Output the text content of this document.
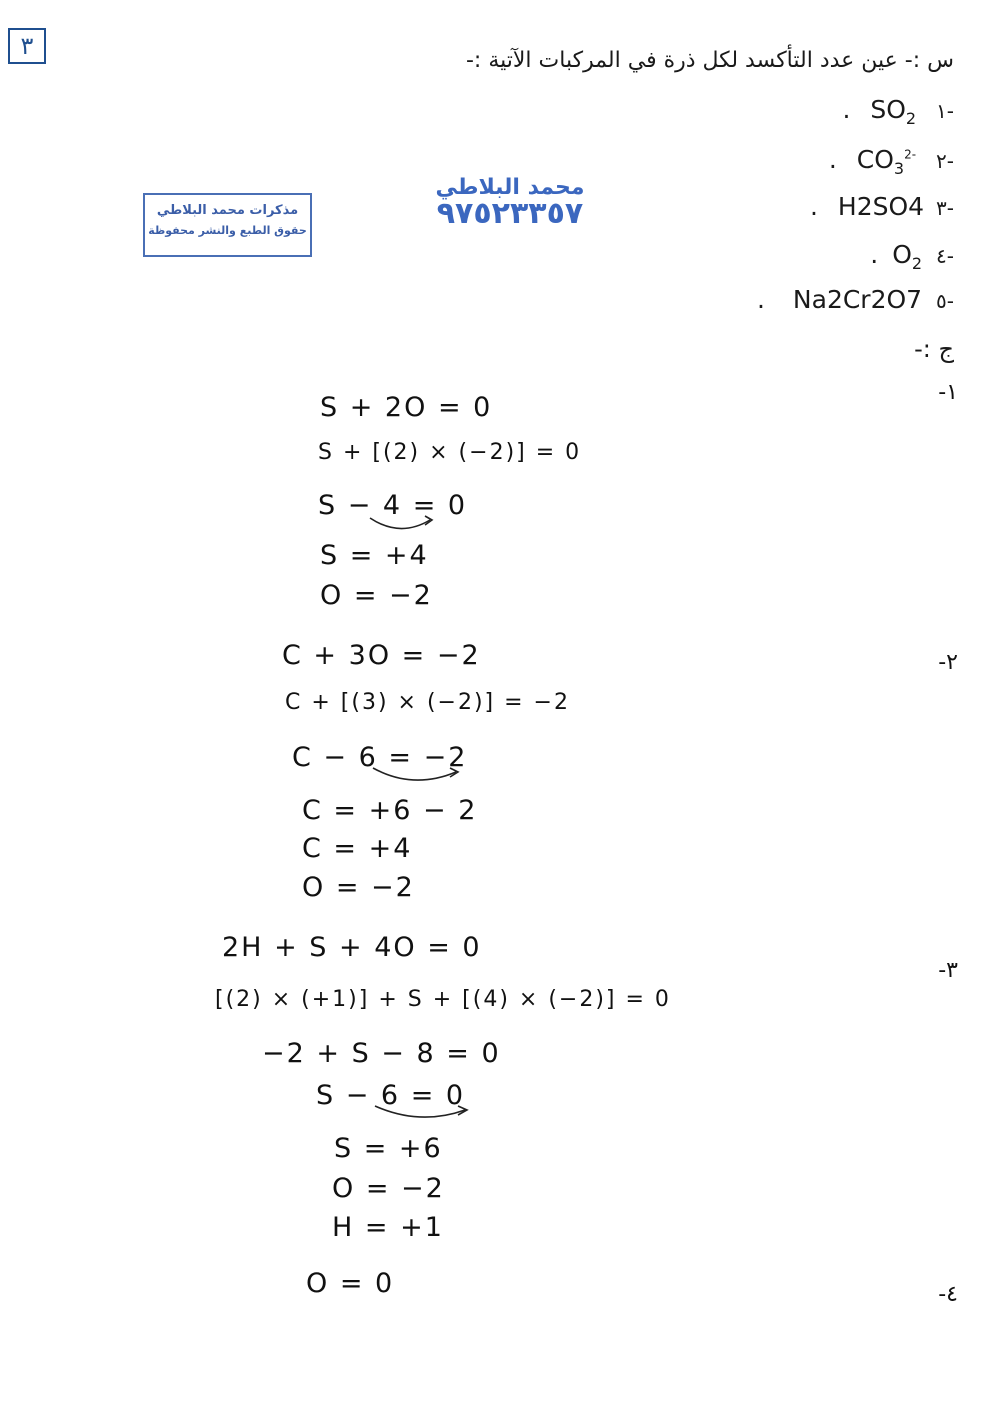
٣
س :- عين عدد التأكسد لكل ذرة في المركبات الآتية :-
. $SO_2$ ١-
. $CO_3^{2-}$ ٢-
. H2SO4 ٣-
. $O_2$ ٤-
. Na2Cr2O7 ٥-
ج :-
مذكرات محمد البلاطي
حقوق الطبع والنشر محفوظة
محمد البلاطي
٩٧٥٢٣٣٥٧
١-
S + 2O = 0
S + [(2) × (−2)] = 0
S − 4 = 0
S = +4
O = −2
٢-
C + 3O = −2
C + [(3) × (−2)] = −2
C − 6 = −2
C = +6 − 2
C = +4
O = −2
٣-
2H + S + 4O = 0
[(2) × (+1)] + S + [(4) × (−2)] = 0
−2 + S − 8 = 0
S − 6 = 0
S = +6
O = −2
H = +1
٤-
O = 0
